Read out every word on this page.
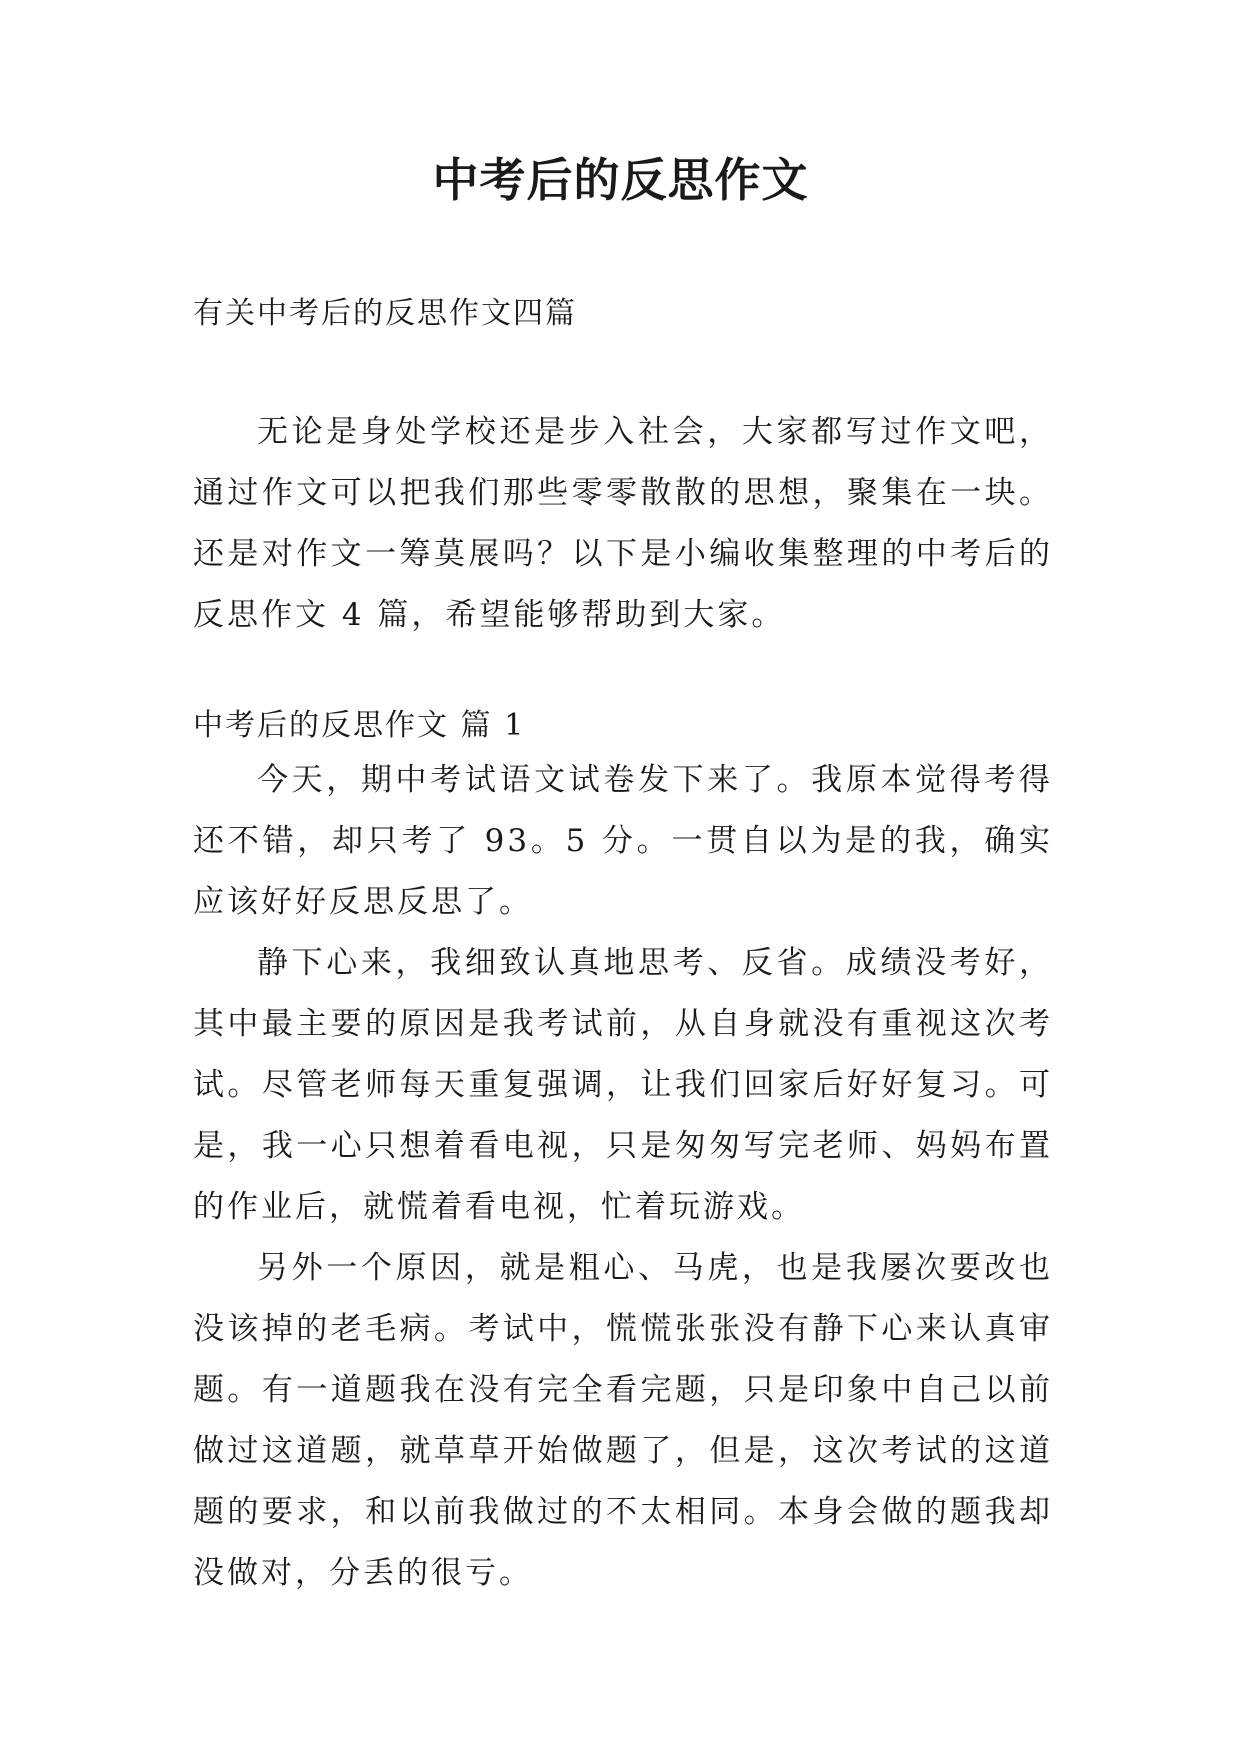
中考后的反思作文

有关中考后的反思作文四篇

无论是身处学校还是步入社会，大家都写过作文吧，通过作文可以把我们那些零零散散的思想，聚集在一块。还是对作文一筹莫展吗？以下是小编收集整理的中考后的反思作文 4 篇，希望能够帮助到大家。

中考后的反思作文 篇 1

今天，期中考试语文试卷发下来了。我原本觉得考得还不错，却只考了 93。5 分。一贯自以为是的我，确实应该好好反思反思了。

静下心来，我细致认真地思考、反省。成绩没考好，其中最主要的原因是我考试前，从自身就没有重视这次考试。尽管老师每天重复强调，让我们回家后好好复习。可是，我一心只想着看电视，只是匆匆写完老师、妈妈布置的作业后，就慌着看电视，忙着玩游戏。

另外一个原因，就是粗心、马虎，也是我屡次要改也没该掉的老毛病。考试中，慌慌张张没有静下心来认真审题。有一道题我在没有完全看完题，只是印象中自己以前做过这道题，就草草开始做题了，但是，这次考试的这道题的要求，和以前我做过的不太相同。本身会做的题我却没做对，分丢的很亏。
